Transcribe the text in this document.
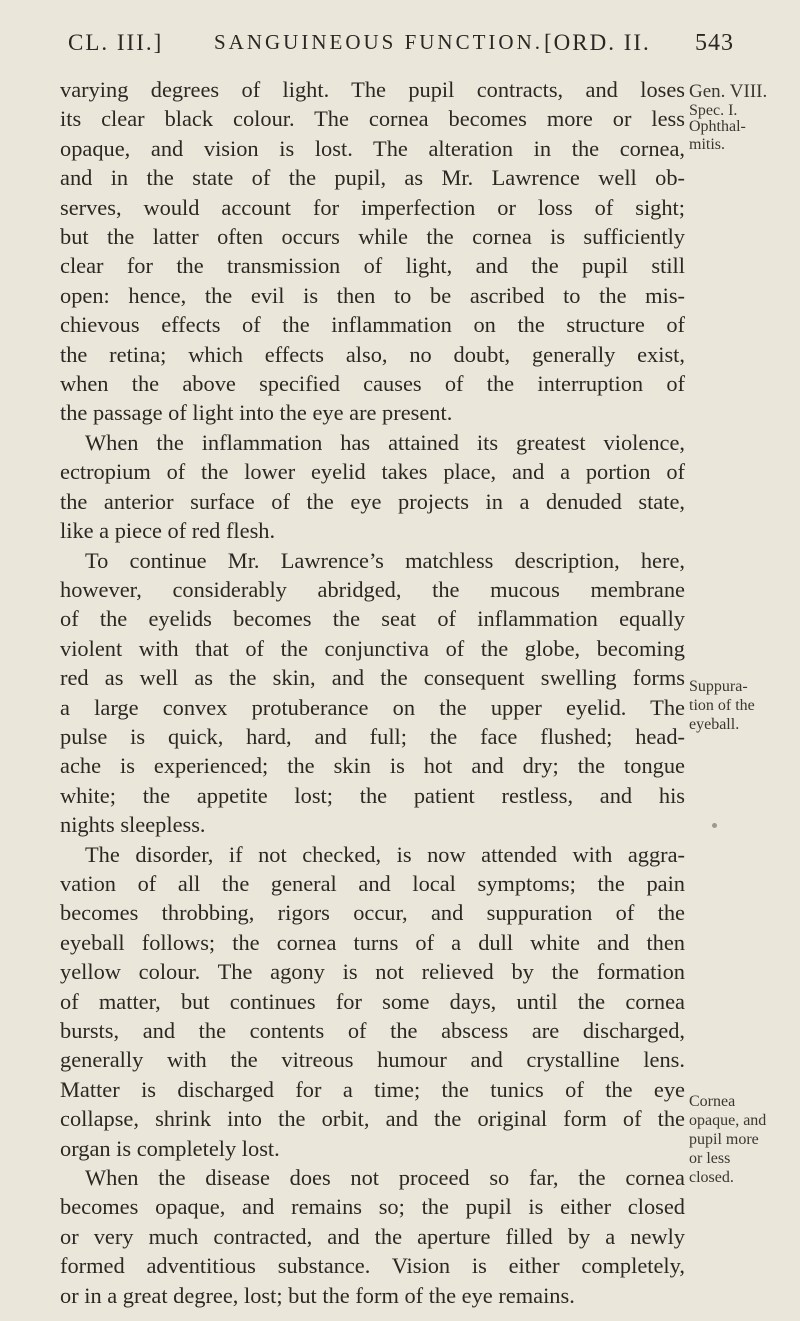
CL. III.] SANGUINEOUS FUNCTION. [ORD. II. 543
Gen. VIII.
Spec. I.
Ophthal-
mitis.
Suppura-
tion of the
eyeball.
Cornea
opaque, and
pupil more
or less
closed.

varying degrees of light. The pupil contracts, and loses

its clear black colour. The cornea becomes more or less

opaque, and vision is lost. The alteration in the cornea,

and in the state of the pupil, as Mr. Lawrence well ob-

serves, would account for imperfection or loss of sight;

but the latter often occurs while the cornea is sufficiently

clear for the transmission of light, and the pupil still

open: hence, the evil is then to be ascribed to the mis-

chievous effects of the inflammation on the structure of

the retina; which effects also, no doubt, generally exist,

when the above specified causes of the interruption of

the passage of light into the eye are present.

When the inflammation has attained its greatest violence,

ectropium of the lower eyelid takes place, and a portion of

the anterior surface of the eye projects in a denuded state,

like a piece of red flesh.

To continue Mr. Lawrence’s matchless description, here,

however, considerably abridged, the mucous membrane

of the eyelids becomes the seat of inflammation equally

violent with that of the conjunctiva of the globe, becoming

red as well as the skin, and the consequent swelling forms

a large convex protuberance on the upper eyelid. The

pulse is quick, hard, and full; the face flushed; head-

ache is experienced; the skin is hot and dry; the tongue

white; the appetite lost; the patient restless, and his

nights sleepless.

The disorder, if not checked, is now attended with aggra-

vation of all the general and local symptoms; the pain

becomes throbbing, rigors occur, and suppuration of the

eyeball follows; the cornea turns of a dull white and then

yellow colour. The agony is not relieved by the formation

of matter, but continues for some days, until the cornea

bursts, and the contents of the abscess are discharged,

generally with the vitreous humour and crystalline lens.

Matter is discharged for a time; the tunics of the eye

collapse, shrink into the orbit, and the original form of the

organ is completely lost.

When the disease does not proceed so far, the cornea

becomes opaque, and remains so; the pupil is either closed

or very much contracted, and the aperture filled by a newly

formed adventitious substance. Vision is either completely,

or in a great degree, lost; but the form of the eye remains.
